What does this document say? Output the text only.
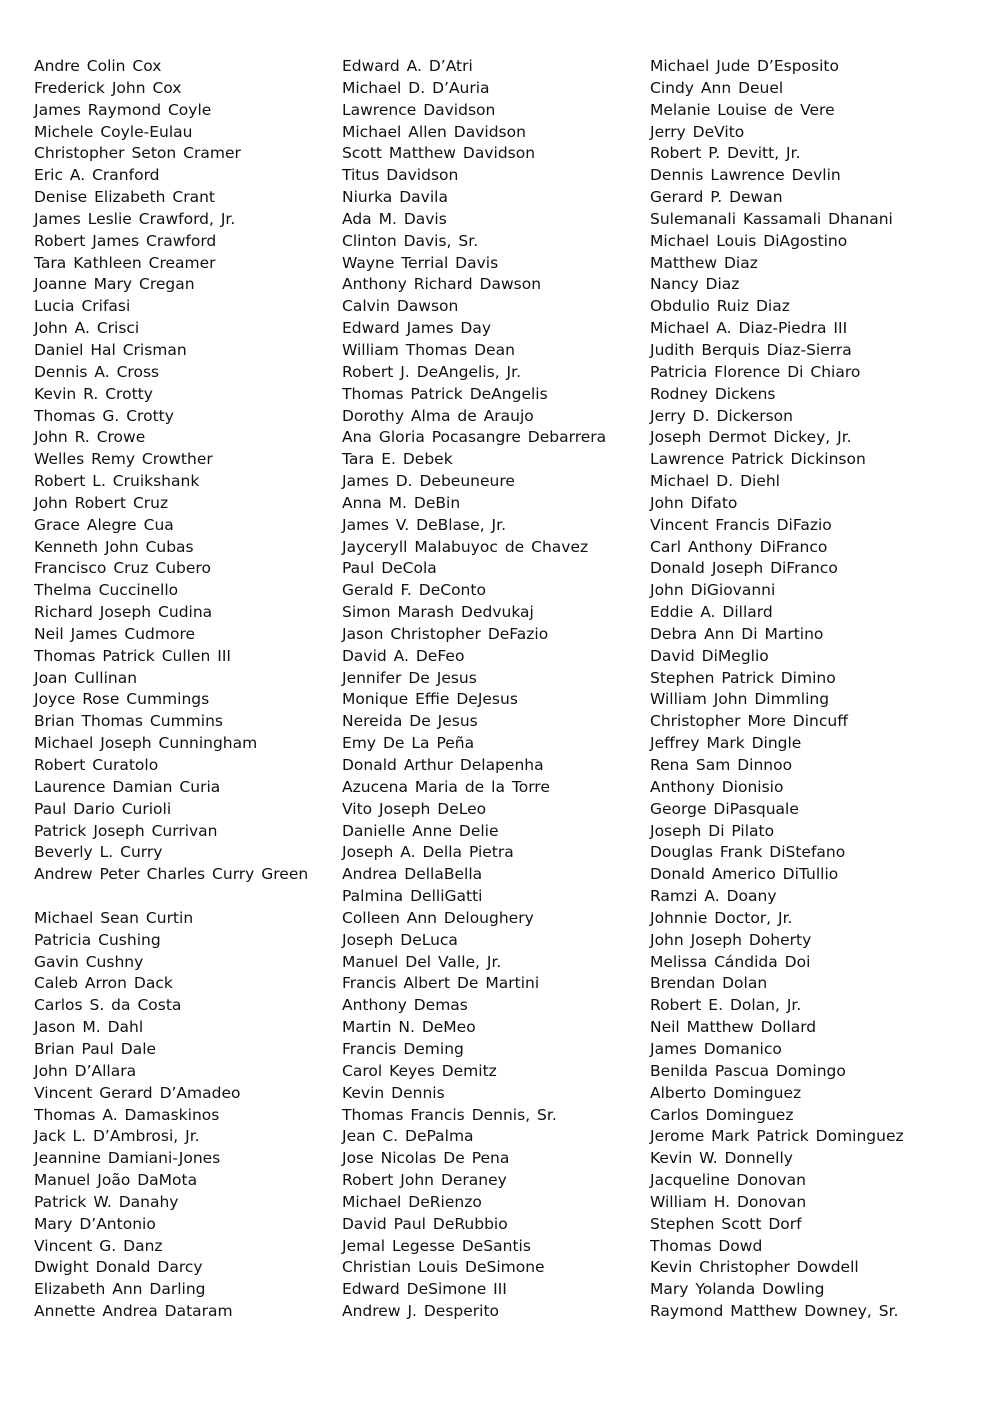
Andre Colin Cox
Frederick John Cox
James Raymond Coyle
Michele Coyle-Eulau
Christopher Seton Cramer
Eric A. Cranford
Denise Elizabeth Crant
James Leslie Crawford, Jr.
Robert James Crawford
Tara Kathleen Creamer
Joanne Mary Cregan
Lucia Crifasi
John A. Crisci
Daniel Hal Crisman
Dennis A. Cross
Kevin R. Crotty
Thomas G. Crotty
John R. Crowe
Welles Remy Crowther
Robert L. Cruikshank
John Robert Cruz
Grace Alegre Cua
Kenneth John Cubas
Francisco Cruz Cubero
Thelma Cuccinello
Richard Joseph Cudina
Neil James Cudmore
Thomas Patrick Cullen III
Joan Cullinan
Joyce Rose Cummings
Brian Thomas Cummins
Michael Joseph Cunningham
Robert Curatolo
Laurence Damian Curia
Paul Dario Curioli
Patrick Joseph Currivan
Beverly L. Curry
Andrew Peter Charles Curry Green
Michael Sean Curtin
Patricia Cushing
Gavin Cushny
Caleb Arron Dack
Carlos S. da Costa
Jason M. Dahl
Brian Paul Dale
John D’Allara
Vincent Gerard D’Amadeo
Thomas A. Damaskinos
Jack L. D’Ambrosi, Jr.
Jeannine Damiani-Jones
Manuel João DaMota
Patrick W. Danahy
Mary D’Antonio
Vincent G. Danz
Dwight Donald Darcy
Elizabeth Ann Darling
Annette Andrea Dataram
Edward A. D’Atri
Michael D. D’Auria
Lawrence Davidson
Michael Allen Davidson
Scott Matthew Davidson
Titus Davidson
Niurka Davila
Ada M. Davis
Clinton Davis, Sr.
Wayne Terrial Davis
Anthony Richard Dawson
Calvin Dawson
Edward James Day
William Thomas Dean
Robert J. DeAngelis, Jr.
Thomas Patrick DeAngelis
Dorothy Alma de Araujo
Ana Gloria Pocasangre Debarrera
Tara E. Debek
James D. Debeuneure
Anna M. DeBin
James V. DeBlase, Jr.
Jayceryll Malabuyoc de Chavez
Paul DeCola
Gerald F. DeConto
Simon Marash Dedvukaj
Jason Christopher DeFazio
David A. DeFeo
Jennifer De Jesus
Monique Effie DeJesus
Nereida De Jesus
Emy De La Peña
Donald Arthur Delapenha
Azucena Maria de la Torre
Vito Joseph DeLeo
Danielle Anne Delie
Joseph A. Della Pietra
Andrea DellaBella
Palmina DelliGatti
Colleen Ann Deloughery
Joseph DeLuca
Manuel Del Valle, Jr.
Francis Albert De Martini
Anthony Demas
Martin N. DeMeo
Francis Deming
Carol Keyes Demitz
Kevin Dennis
Thomas Francis Dennis, Sr.
Jean C. DePalma
Jose Nicolas De Pena
Robert John Deraney
Michael DeRienzo
David Paul DeRubbio
Jemal Legesse DeSantis
Christian Louis DeSimone
Edward DeSimone III
Andrew J. Desperito
Michael Jude D’Esposito
Cindy Ann Deuel
Melanie Louise de Vere
Jerry DeVito
Robert P. Devitt, Jr.
Dennis Lawrence Devlin
Gerard P. Dewan
Sulemanali Kassamali Dhanani
Michael Louis DiAgostino
Matthew Diaz
Nancy Diaz
Obdulio Ruiz Diaz
Michael A. Diaz-Piedra III
Judith Berquis Diaz-Sierra
Patricia Florence Di Chiaro
Rodney Dickens
Jerry D. Dickerson
Joseph Dermot Dickey, Jr.
Lawrence Patrick Dickinson
Michael D. Diehl
John Difato
Vincent Francis DiFazio
Carl Anthony DiFranco
Donald Joseph DiFranco
John DiGiovanni
Eddie A. Dillard
Debra Ann Di Martino
David DiMeglio
Stephen Patrick Dimino
William John Dimmling
Christopher More Dincuff
Jeffrey Mark Dingle
Rena Sam Dinnoo
Anthony Dionisio
George DiPasquale
Joseph Di Pilato
Douglas Frank DiStefano
Donald Americo DiTullio
Ramzi A. Doany
Johnnie Doctor, Jr.
John Joseph Doherty
Melissa Cándida Doi
Brendan Dolan
Robert E. Dolan, Jr.
Neil Matthew Dollard
James Domanico
Benilda Pascua Domingo
Alberto Dominguez
Carlos Dominguez
Jerome Mark Patrick Dominguez
Kevin W. Donnelly
Jacqueline Donovan
William H. Donovan
Stephen Scott Dorf
Thomas Dowd
Kevin Christopher Dowdell
Mary Yolanda Dowling
Raymond Matthew Downey, Sr.
